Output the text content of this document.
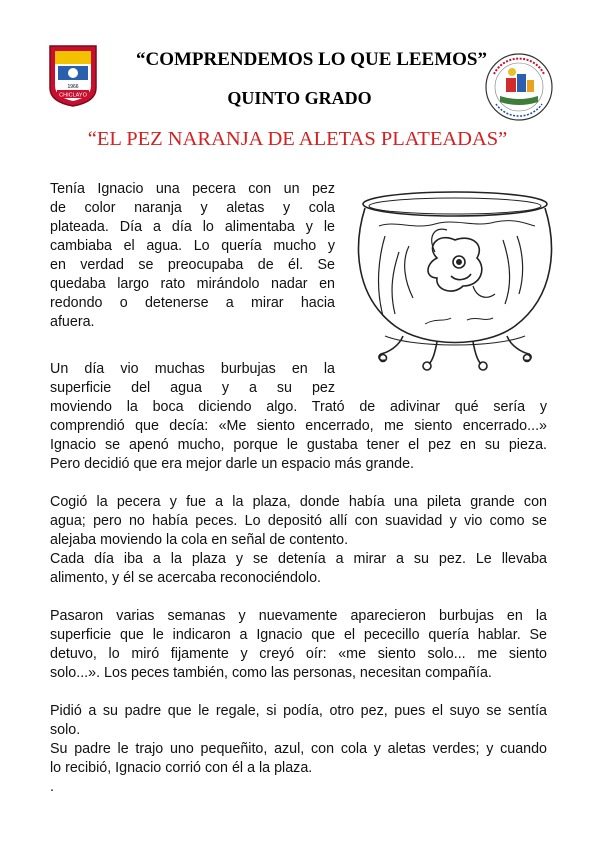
1966
CHICLAYO
“COMPRENDEMOS LO QUE LEEMOS”
QUINTO GRADO
“EL PEZ NARANJA DE ALETAS PLATEADAS”
Tenía Ignacio una pecera con un pez
de color naranja y aletas y cola
plateada. Día a día lo alimentaba y le
cambiaba el agua. Lo quería mucho y
en verdad se preocupaba de él. Se
quedaba largo rato mirándolo nadar en
redondo o detenerse a mirar hacia
afuera.
Un día vio muchas burbujas en la
superficie del agua y a su pez
moviendo la boca diciendo algo. Trató de adivinar qué sería y
comprendió que decía: «Me siento encerrado, me siento encerrado...»
Ignacio se apenó mucho, porque le gustaba tener el pez en su pieza.
Pero decidió que era mejor darle un espacio más grande.
Cogió la pecera y fue a la plaza, donde había una pileta grande con
agua; pero no había peces. Lo depositó allí con suavidad y vio como se
alejaba moviendo la cola en señal de contento.
Cada día iba a la plaza y se detenía a mirar a su pez. Le llevaba
alimento, y él se acercaba reconociéndolo.
Pasaron varias semanas y nuevamente aparecieron burbujas en la
superficie que le indicaron a Ignacio que el pececillo quería hablar. Se
detuvo, lo miró fijamente y creyó oír: «me siento solo... me siento
solo...». Los peces también, como las personas, necesitan compañía.
Pidió a su padre que le regale, si podía, otro pez, pues el suyo se sentía
solo.
Su padre le trajo uno pequeñito, azul, con cola y aletas verdes; y cuando
lo recibió, Ignacio corrió con él a la plaza.
.
